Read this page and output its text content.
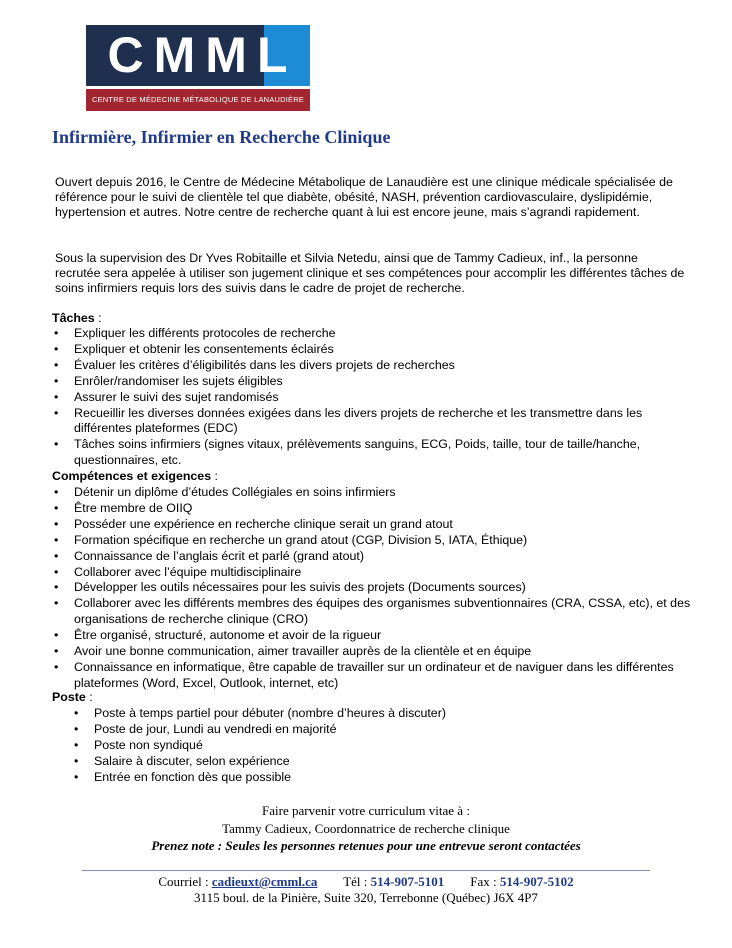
C M M L
CENTRE DE MÉDECINE MÉTABOLIQUE DE LANAUDIÈRE
Infirmière, Infirmier en Recherche Clinique

Ouvert depuis 2016, le Centre de Médecine Métabolique de Lanaudière est une clinique médicale spécialisée de référence pour le suivi de clientèle tel que diabète, obésité, NASH, prévention cardiovasculaire, dyslipidémie, hypertension et autres. Notre centre de recherche quant à lui est encore jeune, mais s’agrandi rapidement.

Sous la supervision des Dr Yves Robitaille et Silvia Netedu, ainsi que de Tammy Cadieux, inf., la personne recrutée sera appelée à utiliser son jugement clinique et ses compétences pour accomplir les différentes tâches de soins infirmiers requis lors des suivis dans le cadre de projet de recherche.

Tâches :
• Expliquer les différents protocoles de recherche
• Expliquer et obtenir les consentements éclairés
• Évaluer les critères d’éligibilités dans les divers projets de recherches
• Enrôler/randomiser les sujets éligibles
• Assurer le suivi des sujet randomisés
• Recueillir les diverses données exigées dans les divers projets de recherche et les transmettre dans les différentes plateformes (EDC)
• Tâches soins infirmiers (signes vitaux, prélèvements sanguins, ECG, Poids, taille, tour de taille/hanche, questionnaires, etc.
Compétences et exigences :
• Détenir un diplôme d’études Collégiales en soins infirmiers
• Être membre de OIIQ
• Posséder une expérience en recherche clinique serait un grand atout
• Formation spécifique en recherche un grand atout (CGP, Division 5, IATA, Éthique)
• Connaissance de l’anglais écrit et parlé (grand atout)
• Collaborer avec l’équipe multidisciplinaire
• Développer les outils nécessaires pour les suivis des projets (Documents sources)
• Collaborer avec les différents membres des équipes des organismes subventionnaires (CRA, CSSA, etc), et des organisations de recherche clinique (CRO)
• Être organisé, structuré, autonome et avoir de la rigueur
• Avoir une bonne communication, aimer travailler auprès de la clientèle et en équipe
• Connaissance en informatique, être capable de travailler sur un ordinateur et de naviguer dans les différentes plateformes (Word, Excel, Outlook, internet, etc)
Poste :
• Poste à temps partiel pour débuter (nombre d’heures à discuter)
• Poste de jour, Lundi au vendredi en majorité
• Poste non syndiqué
• Salaire à discuter, selon expérience
• Entrée en fonction dès que possible
Faire parvenir votre curriculum vitae à :
Tammy Cadieux, Coordonnatrice de recherche clinique
Prenez note : Seules les personnes retenues pour une entrevue seront contactées
Courriel : cadieuxt@cmml.ca Tél : 514-907-5101 Fax : 514-907-5102
3115 boul. de la Pinière, Suite 320, Terrebonne (Québec) J6X 4P7
